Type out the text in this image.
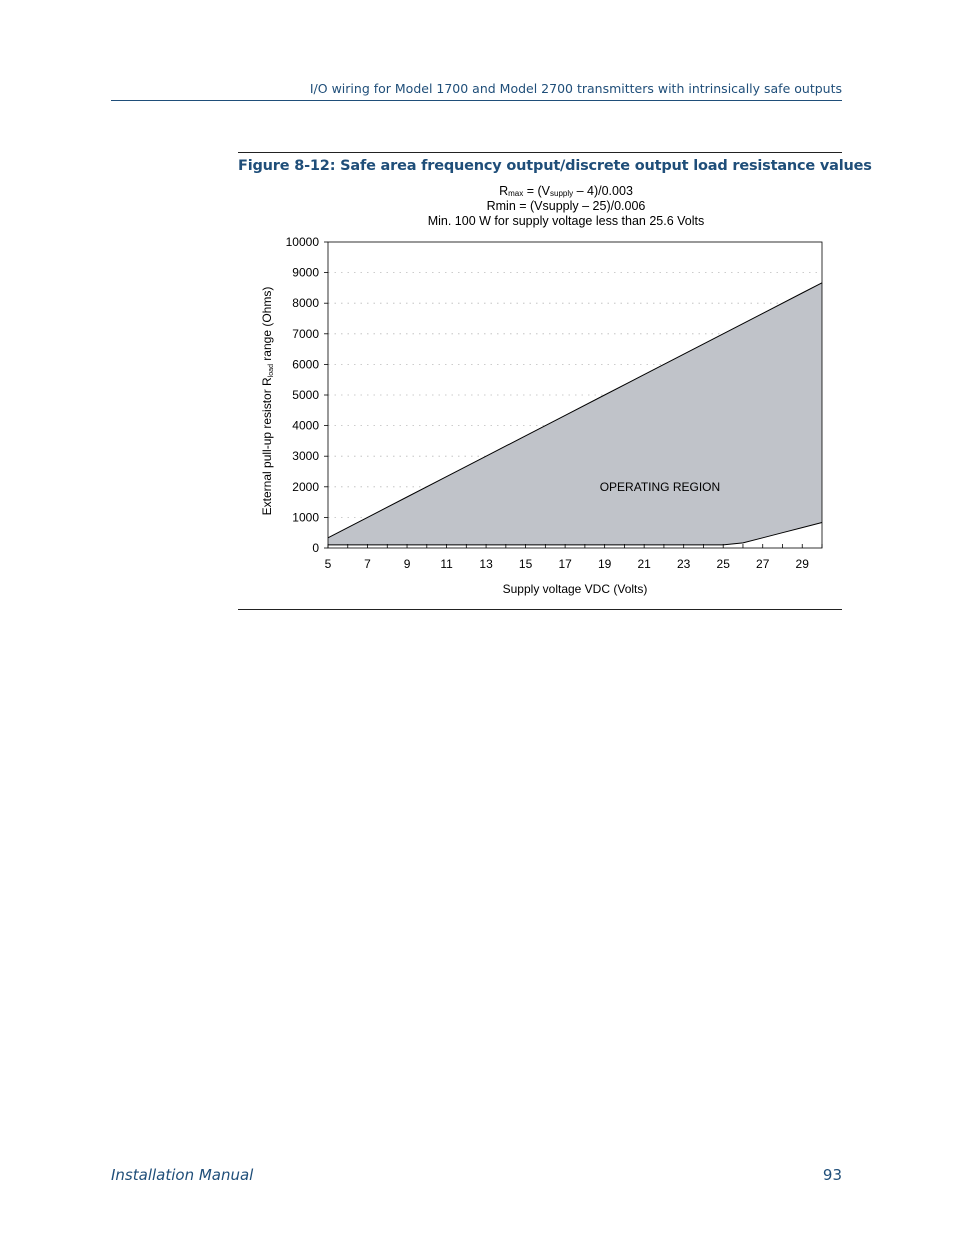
I/O wiring for Model 1700 and Model 2700 transmitters with intrinsically safe outputs
Figure 8-12: Safe area frequency output/discrete output load resistance values
$R_{max} = (V_{supply} - 4)/0.003$
Rmin = (Vsupply – 25)/0.006
Min. 100 W for supply voltage less than 25.6 Volts
0
1000
2000
3000
4000
5000
6000
7000
8000
9000
10000
5	7	9 11 13 15 17 19 21 23 25 27 29
OPERATING REGION
Supply voltage VDC (Volts)
External pull-up resistor Rload range (Ohms)
Installation Manual	93
